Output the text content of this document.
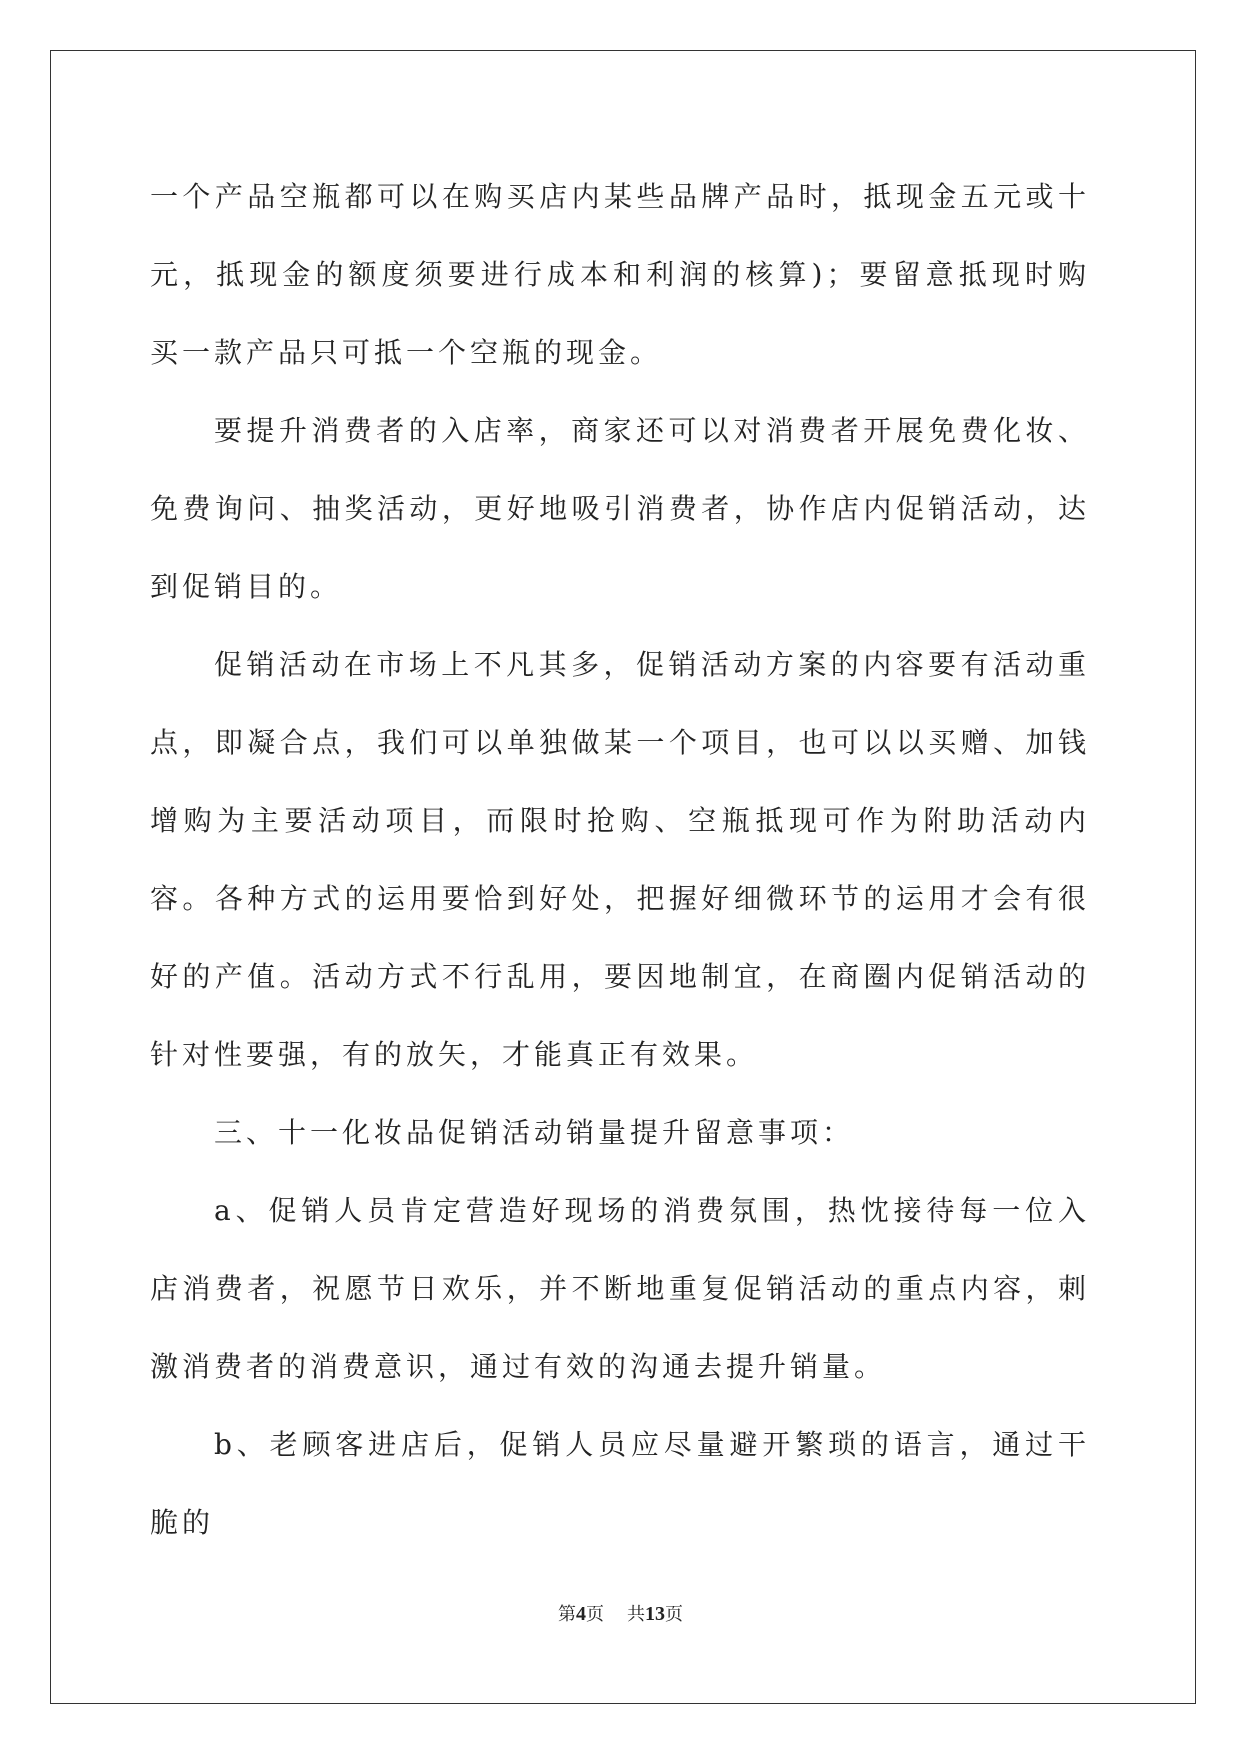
一个产品空瓶都可以在购买店内某些品牌产品时，抵现金五元或十元，抵现金的额度须要进行成本和利润的核算)；要留意抵现时购买一款产品只可抵一个空瓶的现金。

要提升消费者的入店率，商家还可以对消费者开展免费化妆、免费询问、抽奖活动，更好地吸引消费者，协作店内促销活动，达到促销目的。

促销活动在市场上不凡其多，促销活动方案的内容要有活动重点，即凝合点，我们可以单独做某一个项目，也可以以买赠、加钱增购为主要活动项目，而限时抢购、空瓶抵现可作为附助活动内容。各种方式的运用要恰到好处，把握好细微环节的运用才会有很好的产值。活动方式不行乱用，要因地制宜，在商圈内促销活动的针对性要强，有的放矢，才能真正有效果。

三、十一化妆品促销活动销量提升留意事项：

a、促销人员肯定营造好现场的消费氛围，热忱接待每一位入店消费者，祝愿节日欢乐，并不断地重复促销活动的重点内容，刺激消费者的消费意识，通过有效的沟通去提升销量。

b、老顾客进店后，促销人员应尽量避开繁琐的语言，通过干脆的

第4页 共13页
